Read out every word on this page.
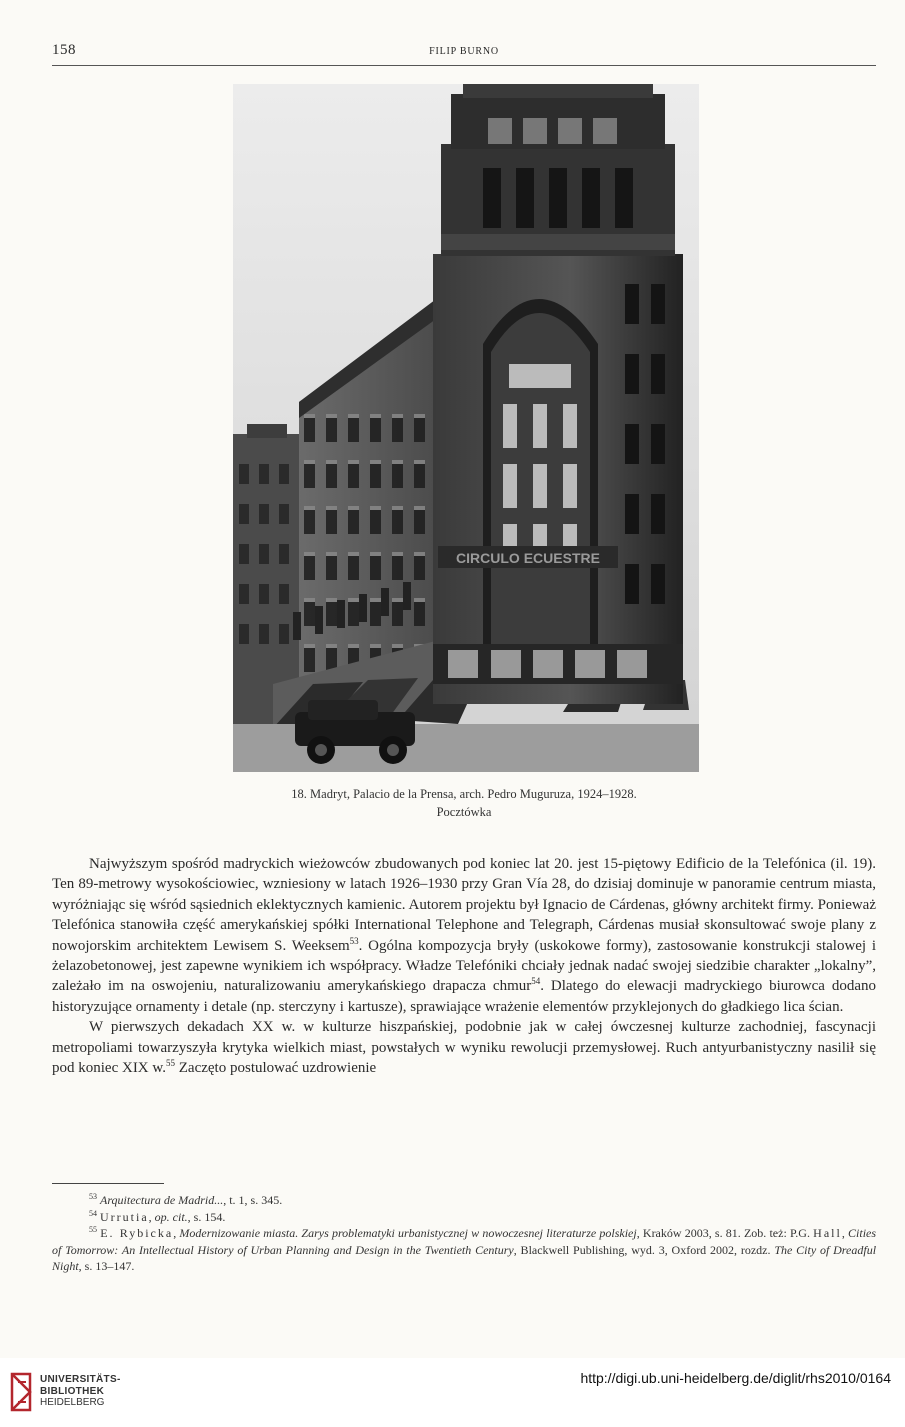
158	FILIP BURNO
CIRCULO ECUESTRE
18. Madryt, Palacio de la Prensa, arch. Pedro Muguruza, 1924–1928.
Pocztówka

Najwyższym spośród madryckich wieżowców zbudowanych pod koniec lat 20. jest 15-piętowy Edificio de la Telefónica (il. 19). Ten 89-metrowy wysokościowiec, wzniesiony w latach 1926–1930 przy Gran Vía 28, do dzisiaj dominuje w panoramie centrum miasta, wyróżniając się wśród sąsiednich eklektycznych kamienic. Autorem projektu był Ignacio de Cárdenas, główny architekt firmy. Ponieważ Telefónica stanowiła część amerykańskiej spółki International Telephone and Telegraph, Cárdenas musiał skonsultować swoje plany z nowojorskim architektem Lewisem S. Weeksem$^{53}$. Ogólna kompozycja bryły (uskokowe formy), zastosowanie konstrukcji stalowej i żelazobetonowej, jest zapewne wynikiem ich współpracy. Władze Telefóniki chciały jednak nadać swojej siedzibie charakter „lokalny”, zależało im na oswojeniu, naturalizowaniu amerykańskiego drapacza chmur$^{54}$. Dlatego do elewacji madryckiego biurowca dodano historyzujące ornamenty i detale (np. sterczyny i kartusze), sprawiające wrażenie elementów przyklejonych do gładkiego lica ścian.

W pierwszych dekadach XX w. w kulturze hiszpańskiej, podobnie jak w całej ówczesnej kulturze zachodniej, fascynacji metropoliami towarzyszyła krytyka wielkich miast, powstałych w wyniku rewolucji przemysłowej. Ruch antyurbanistyczny nasilił się pod koniec XIX w.$^{55}$ Zaczęto postulować uzdrowienie

$^{53}$ Arquitectura de Madrid..., t. 1, s. 345.
$^{54}$ Urrutia, op. cit., s. 154.
$^{55}$ E. Rybicka, Modernizowanie miasta. Zarys problematyki urbanistycznej w nowoczesnej literaturze polskiej, Kraków 2003, s. 81. Zob. też: P.G. Hall, Cities of Tomorrow: An Intellectual History of Urban Planning and Design in the Twentieth Century, Blackwell Publishing, wyd. 3, Oxford 2002, rozdz. The City of Dreadful Night, s. 13–147.
UNIVERSITÄTS-
BIBLIOTHEK
HEIDELBERG
http://digi.ub.uni-heidelberg.de/diglit/rhs2010/0164
